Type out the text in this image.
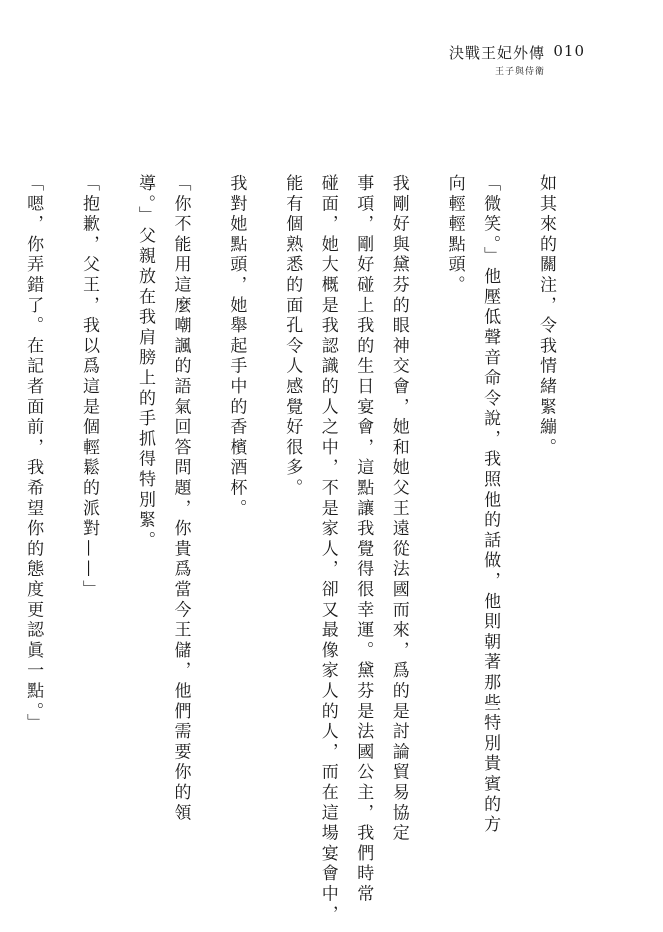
決戰王妃外傳 010
王子與侍衛
如其來的關注，令我情緒緊繃。
「微笑。」他壓低聲音命令說，我照他的話做，他則朝著那些特別貴賓的方
向輕輕點頭。
我剛好與黛芬的眼神交會，她和她父王遠從法國而來，爲的是討論貿易協定
事項，剛好碰上我的生日宴會，這點讓我覺得很幸運。黛芬是法國公主，我們時常
碰面，她大概是我認識的人之中，不是家人，卻又最像家人的人，而在這場宴會中，
能有個熟悉的面孔令人感覺好很多。
我對她點頭，她舉起手中的香檳酒杯。
「你不能用這麼嘲諷的語氣回答問題，你貴爲當今王儲，他們需要你的領
導。」父親放在我肩膀上的手抓得特別緊。
「抱歉，父王，我以爲這是個輕鬆的派對——」
「嗯，你弄錯了。在記者面前，我希望你的態度更認眞一點。」
